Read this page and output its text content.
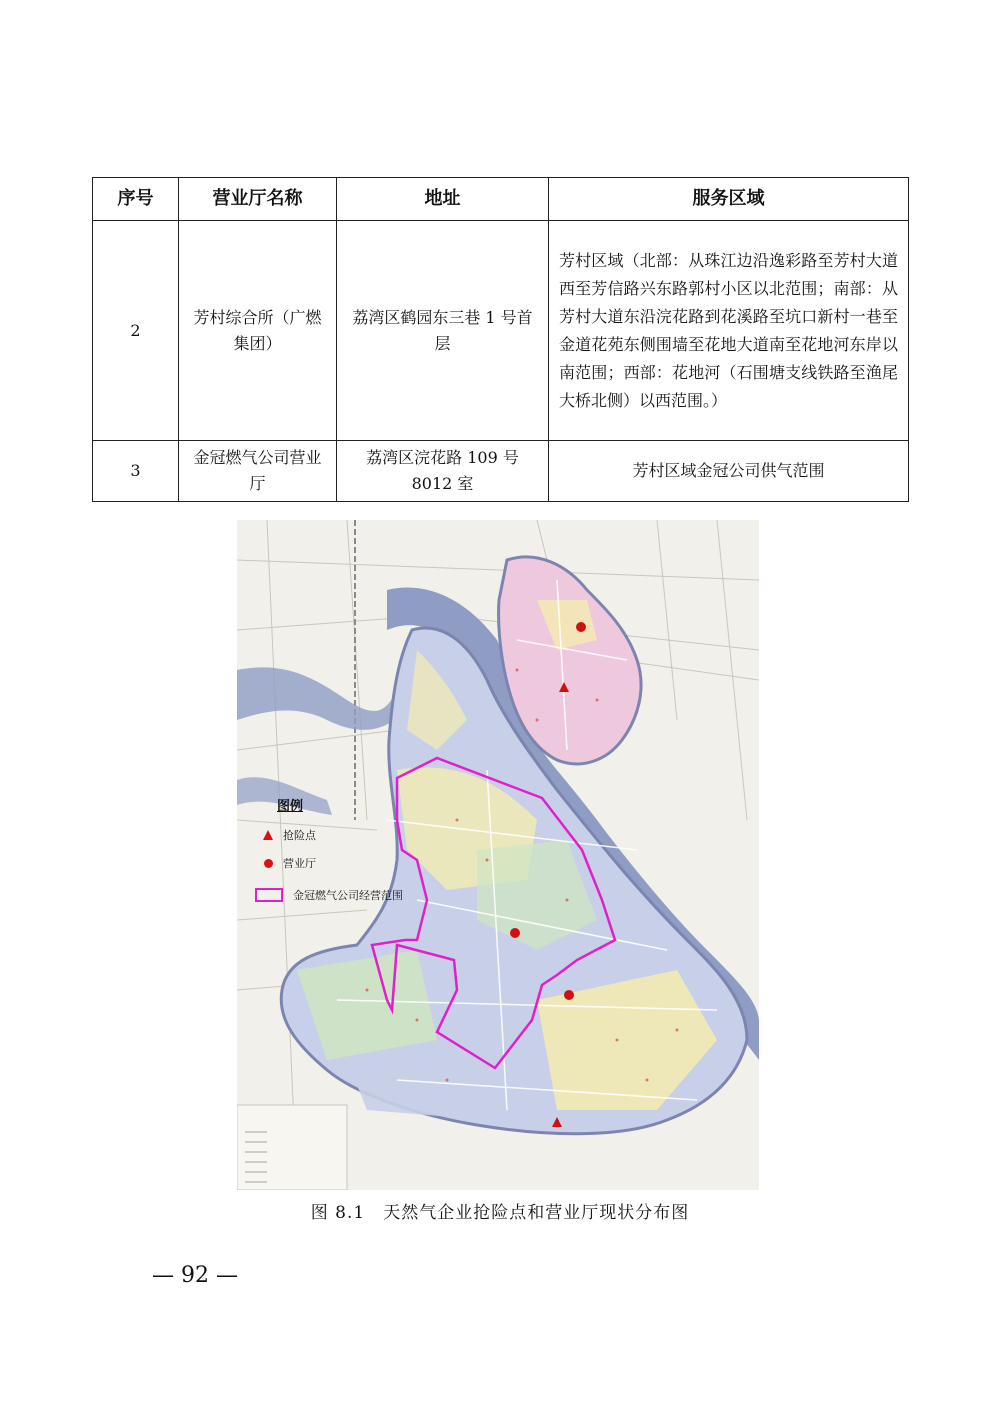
序号	营业厅名称	地址	服务区域
2	芳村综合所（广燃集团）	荔湾区鹤园东三巷 1 号首层	芳村区域（北部：从珠江边沿逸彩路至芳村大道西至芳信路兴东路郭村小区以北范围；南部：从芳村大道东沿浣花路到花溪路至坑口新村一巷至金道花苑东侧围墙至花地大道南至花地河东岸以南范围；西部：花地河（石围塘支线铁路至渔尾大桥北侧）以西范围。）
3	金冠燃气公司营业厅	荔湾区浣花路 109 号 8012 室	芳村区域金冠公司供气范围
图例
抢险点
营业厅
金冠燃气公司经营范围
图 8.1　天然气企业抢险点和营业厅现状分布图
— 92 —
